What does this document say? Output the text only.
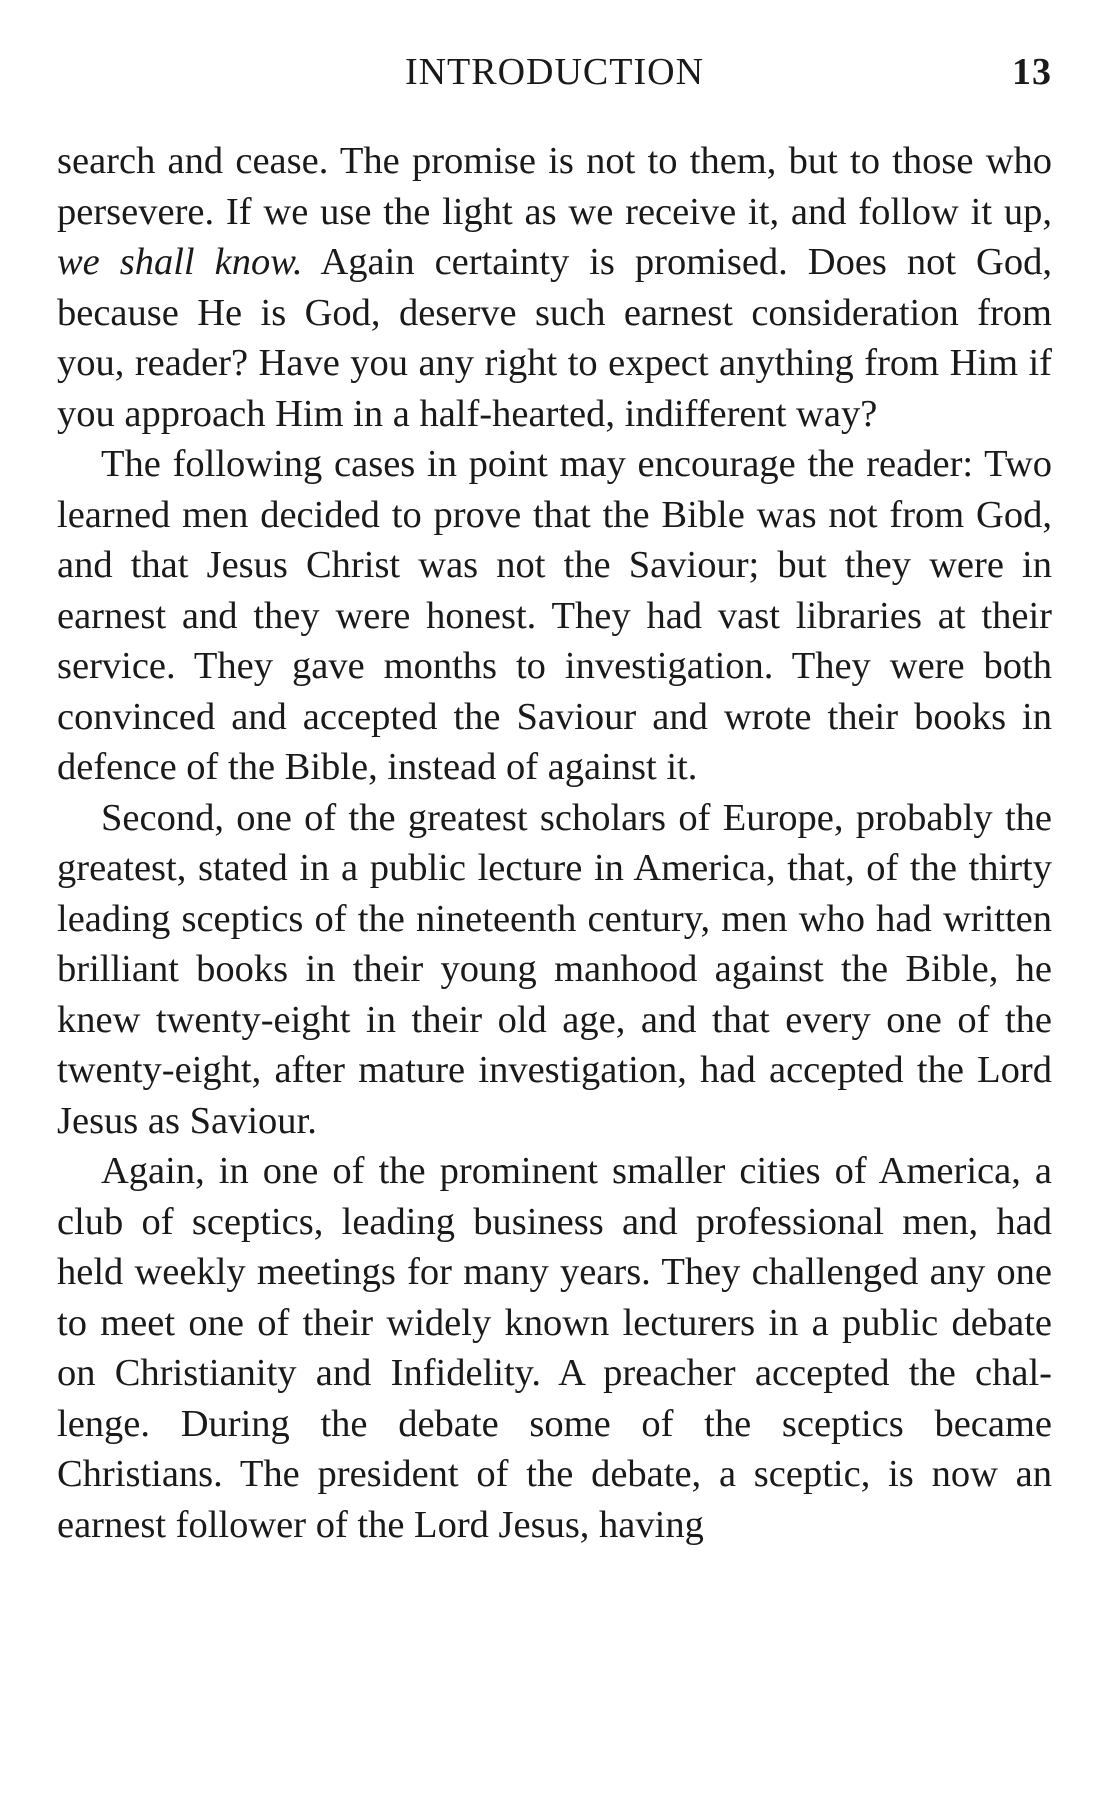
INTRODUCTION	13

search and cease. The promise is not to them, but to those who persevere. If we use the light as we receive it, and follow it up, we shall know. Again certainty is promised. Does not God, because He is God, deserve such earnest consideration from you, reader? Have you any right to expect anything from Him if you approach Him in a half-hearted, indifferent way?

The following cases in point may encourage the reader: Two learned men decided to prove that the Bible was not from God, and that Jesus Christ was not the Saviour; but they were in earnest and they were honest. They had vast libraries at their service. They gave months to investigation. They were both convinced and accepted the Saviour and wrote their books in defence of the Bible, instead of against it.

Second, one of the greatest scholars of Europe, probably the greatest, stated in a public lecture in America, that, of the thirty leading sceptics of the nineteenth century, men who had written brilliant books in their young manhood against the Bible, he knew twenty-eight in their old age, and that every one of the twenty-eight, after mature investigation, had accepted the Lord Jesus as Saviour.

Again, in one of the prominent smaller cities of America, a club of sceptics, leading business and professional men, had held weekly meetings for many years. They challenged any one to meet one of their widely known lecturers in a public debate on Christianity and Infidelity. A preacher accepted the challenge. During the debate some of the sceptics became Christians. The president of the debate, a sceptic, is now an earnest follower of the Lord Jesus, having
